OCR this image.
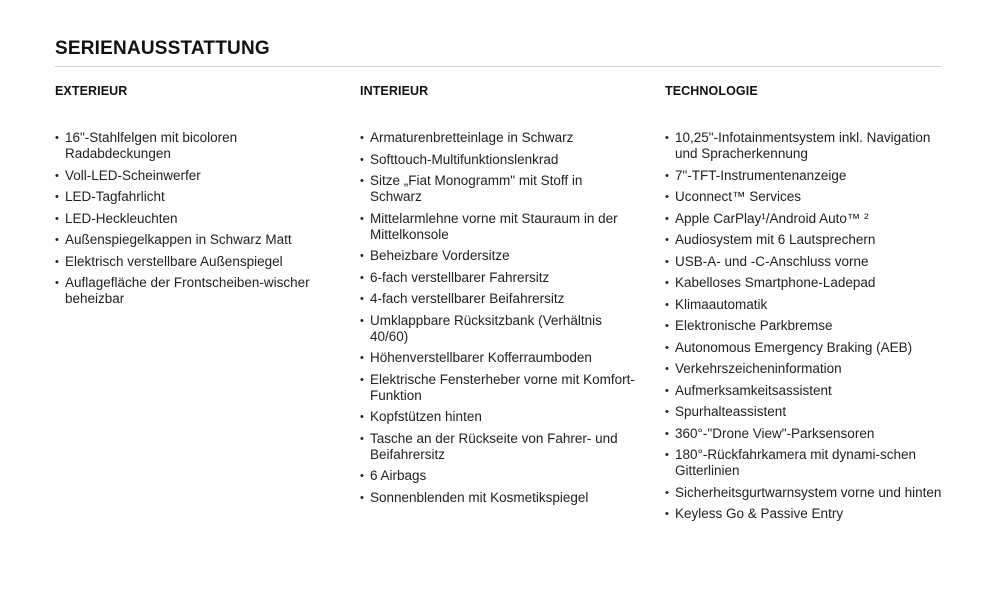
SERIENAUSSTATTUNG
EXTERIEUR
• 16"-Stahlfelgen mit bicoloren Radabdeckungen
• Voll-LED-Scheinwerfer
• LED-Tagfahrlicht
• LED-Heckleuchten
• Außenspiegelkappen in Schwarz Matt
• Elektrisch verstellbare Außenspiegel
• Auflagefläche der Frontscheiben-wischer beheizbar
INTERIEUR
• Armaturenbretteinlage in Schwarz
• Softtouch-Multifunktionslenkrad
• Sitze „Fiat Monogramm" mit Stoff in Schwarz
• Mittelarmlehne vorne mit Stauraum in der Mittelkonsole
• Beheizbare Vordersitze
• 6-fach verstellbarer Fahrersitz
• 4-fach verstellbarer Beifahrersitz
• Umklappbare Rücksitzbank (Verhältnis 40/60)
• Höhenverstellbarer Kofferraumboden
• Elektrische Fensterheber vorne mit Komfort-Funktion
• Kopfstützen hinten
• Tasche an der Rückseite von Fahrer- und Beifahrersitz
• 6 Airbags
• Sonnenblenden mit Kosmetikspiegel
TECHNOLOGIE
• 10,25"-Infotainmentsystem inkl. Navigation und Spracherkennung
• 7"-TFT-Instrumentenanzeige
• Uconnect™ Services
• Apple CarPlay¹/Android Auto™ ²
• Audiosystem mit 6 Lautsprechern
• USB-A- und -C-Anschluss vorne
• Kabelloses Smartphone-Ladepad
• Klimaautomatik
• Elektronische Parkbremse
• Autonomous Emergency Braking (AEB)
• Verkehrszeicheninformation
• Aufmerksamkeitsassistent
• Spurhalteassistent
• 360°-"Drone View"-Parksensoren
• 180°-Rückfahrkamera mit dynami-schen Gitterlinien
• Sicherheitsgurtwarnsystem vorne und hinten
• Keyless Go & Passive Entry
